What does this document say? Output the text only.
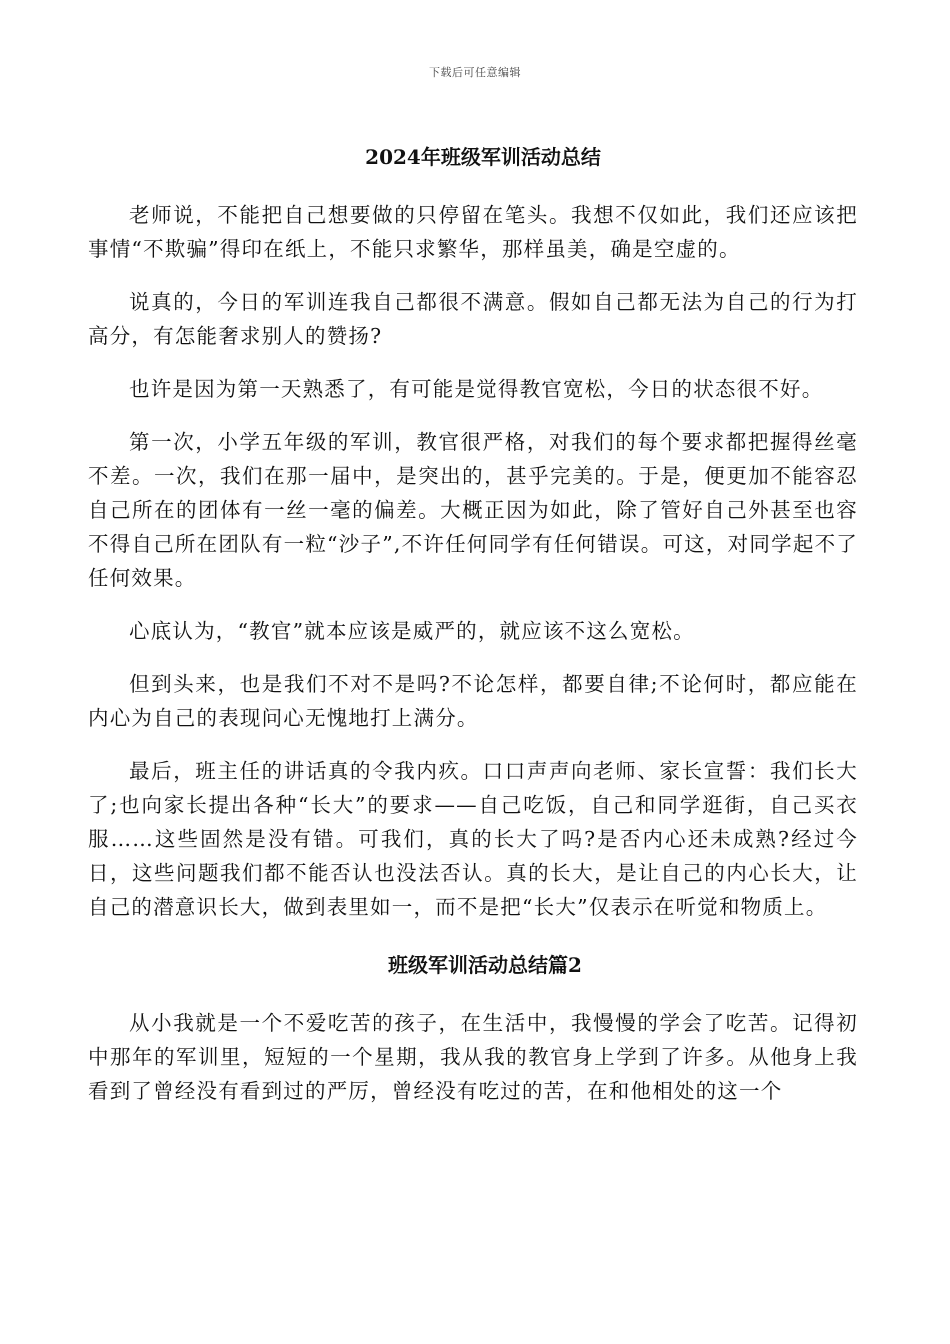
下载后可任意编辑
2024年班级军训活动总结

老师说，不能把自己想要做的只停留在笔头。我想不仅如此，我们还应该把事情“不欺骗”得印在纸上，不能只求繁华，那样虽美，确是空虚的。

说真的，今日的军训连我自己都很不满意。假如自己都无法为自己的行为打高分，有怎能奢求别人的赞扬?

也许是因为第一天熟悉了，有可能是觉得教官宽松，今日的状态很不好。

第一次，小学五年级的军训，教官很严格，对我们的每个要求都把握得丝毫不差。一次，我们在那一届中，是突出的，甚乎完美的。于是，便更加不能容忍自己所在的团体有一丝一毫的偏差。大概正因为如此，除了管好自己外甚至也容不得自己所在团队有一粒“沙子”,不许任何同学有任何错误。可这，对同学起不了任何效果。

心底认为，“教官”就本应该是威严的，就应该不这么宽松。

但到头来，也是我们不对不是吗?不论怎样，都要自律;不论何时，都应能在内心为自己的表现问心无愧地打上满分。

最后，班主任的讲话真的令我内疚。口口声声向老师、家长宣誓：我们长大了;也向家长提出各种“长大”的要求——自己吃饭，自己和同学逛街，自己买衣服……这些固然是没有错。可我们，真的长大了吗?是否内心还未成熟?经过今日，这些问题我们都不能否认也没法否认。真的长大，是让自己的内心长大，让自己的潜意识长大，做到表里如一，而不是把“长大”仅表示在听觉和物质上。

班级军训活动总结篇2

从小我就是一个不爱吃苦的孩子，在生活中，我慢慢的学会了吃苦。记得初中那年的军训里，短短的一个星期，我从我的教官身上学到了许多。从他身上我看到了曾经没有看到过的严厉，曾经没有吃过的苦，在和他相处的这一个
